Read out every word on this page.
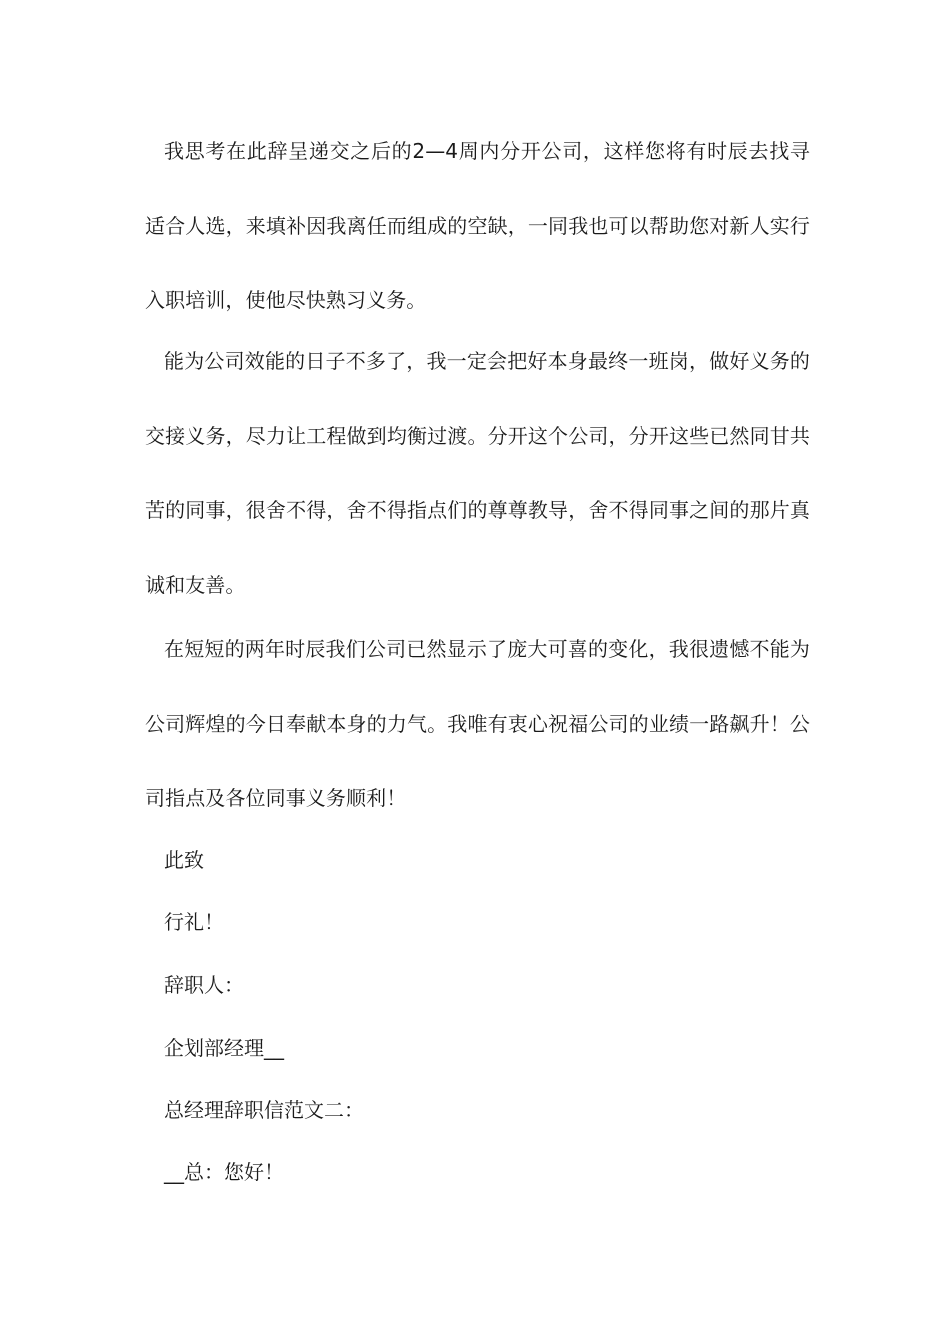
我思考在此辞呈递交之后的2—4周内分开公司，这样您将有时辰去找寻适合人选，来填补因我离任而组成的空缺，一同我也可以帮助您对新人实行入职培训，使他尽快熟习义务。

能为公司效能的日子不多了，我一定会把好本身最终一班岗，做好义务的交接义务，尽力让工程做到均衡过渡。分开这个公司，分开这些已然同甘共苦的同事，很舍不得，舍不得指点们的尊尊教导，舍不得同事之间的那片真诚和友善。

在短短的两年时辰我们公司已然显示了庞大可喜的变化，我很遗憾不能为公司辉煌的今日奉献本身的力气。我唯有衷心祝福公司的业绩一路飙升！公司指点及各位同事义务顺利！

此致

行礼！

辞职人：

企划部经理__

总经理辞职信范文二：

__总：您好！
